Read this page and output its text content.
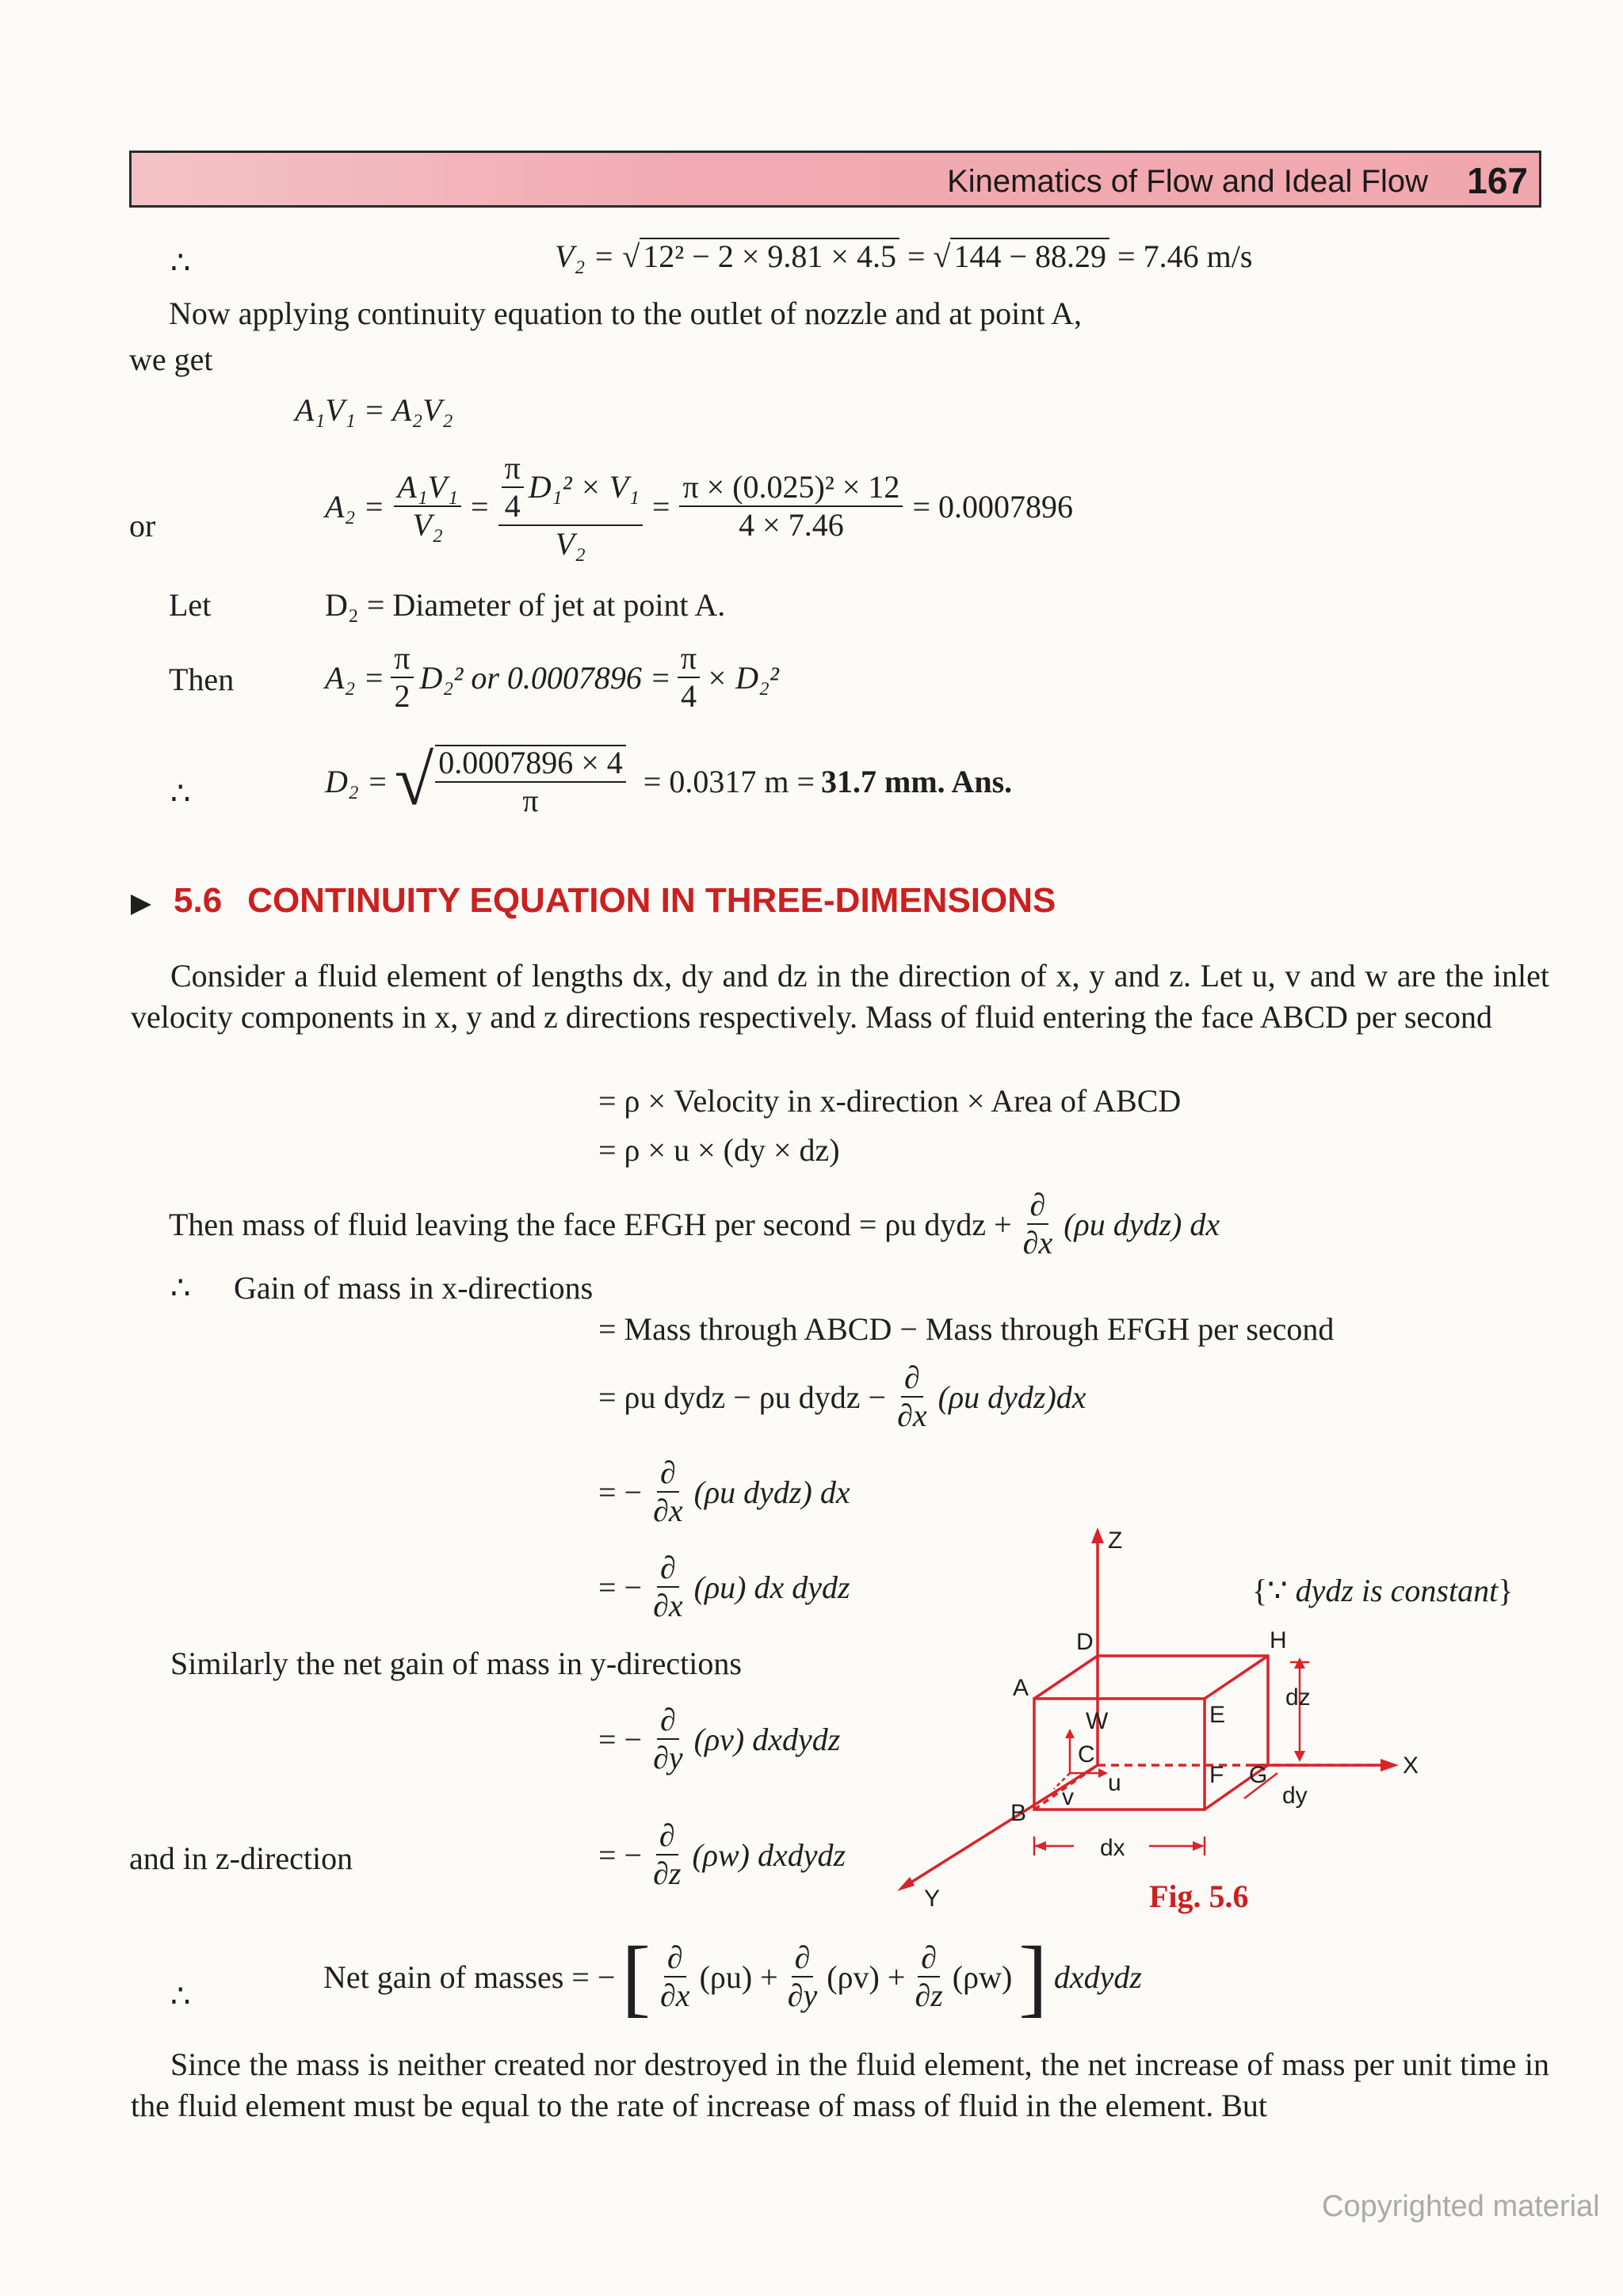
Kinematics of Flow and Ideal Flow 167
∴	V₂ = √ 12² − 2 × 9.81 × 4.5 = √ 144 − 88.29 = 7.46 m/s
Now applying continuity equation to the outlet of nozzle and at point A,
we get
A₁V₁ = A₂V₂
or
$A_2 = \frac{\text{A₁V₁}}{\text{V₂}} = \frac{\frac{\pi}{4} D_1^2 \times V_1}{\text{V₂}} = \frac{\text{π × (0.025)² × 12}}{4 \times 7.46} = 0.0007896$
Let	D₂ = Diameter of jet at point A.
Then	$A_2 = \frac{\pi}{2} D_2^2$ or $0.0007896 = \frac{\pi}{4} \times D_2^2$
∴	D₂ = √ $\frac{0.0007896 \times 4}{\pi} = 0.0317$ m = 31.7 mm. Ans.
5.6 CONTINUITY EQUATION IN THREE-DIMENSIONS
Consider a fluid element of lengths dx, dy and dz in the direction of x, y and z. Let u, v and w are the inlet velocity components in x, y and z directions respectively. Mass of fluid entering the face ABCD per second
= ρ × Velocity in x-direction × Area of ABCD
= ρ × u × (dy × dz)
Then mass of fluid leaving the face EFGH per second = ρu dydz + $\frac{\partial}{\partial x} (\rho u$ dydz) dx
∴ Gain of mass in x-directions
= Mass through ABCD − Mass through EFGH per second
= ρu dydz − ρu dydz − $\frac{\partial}{\partial x} (\rho u$ dydz)dx
= − $\frac{\partial}{\partial x} (\rho u$ dydz) dx
= − $\frac{\partial}{\partial x} (\rho u)$ dx dydz	{∵ dydz is constant}
Similarly the net gain of mass in y-directions
= − $\frac{\partial}{\partial y} (\rho v)$ dxdydz
and in z-direction	= − $\frac{\partial}{\partial z} (\rho w)$ dxdydz
Z
X
Y
D
A
B
C
H
E
F G
W
u
v
dx
dy
dz
Fig. 5.6
∴
Net gain of masses = − [ $\frac{\partial}{\partial x} (\rho u) + \frac{\partial}{\partial y} (\rho v) + \frac{\partial}{\partial z} (\rho w)$ ] dxdydz
Since the mass is neither created nor destroyed in the fluid element, the net increase of mass per unit time in the fluid element must be equal to the rate of increase of mass of fluid in the element. But
Copyrighted material
